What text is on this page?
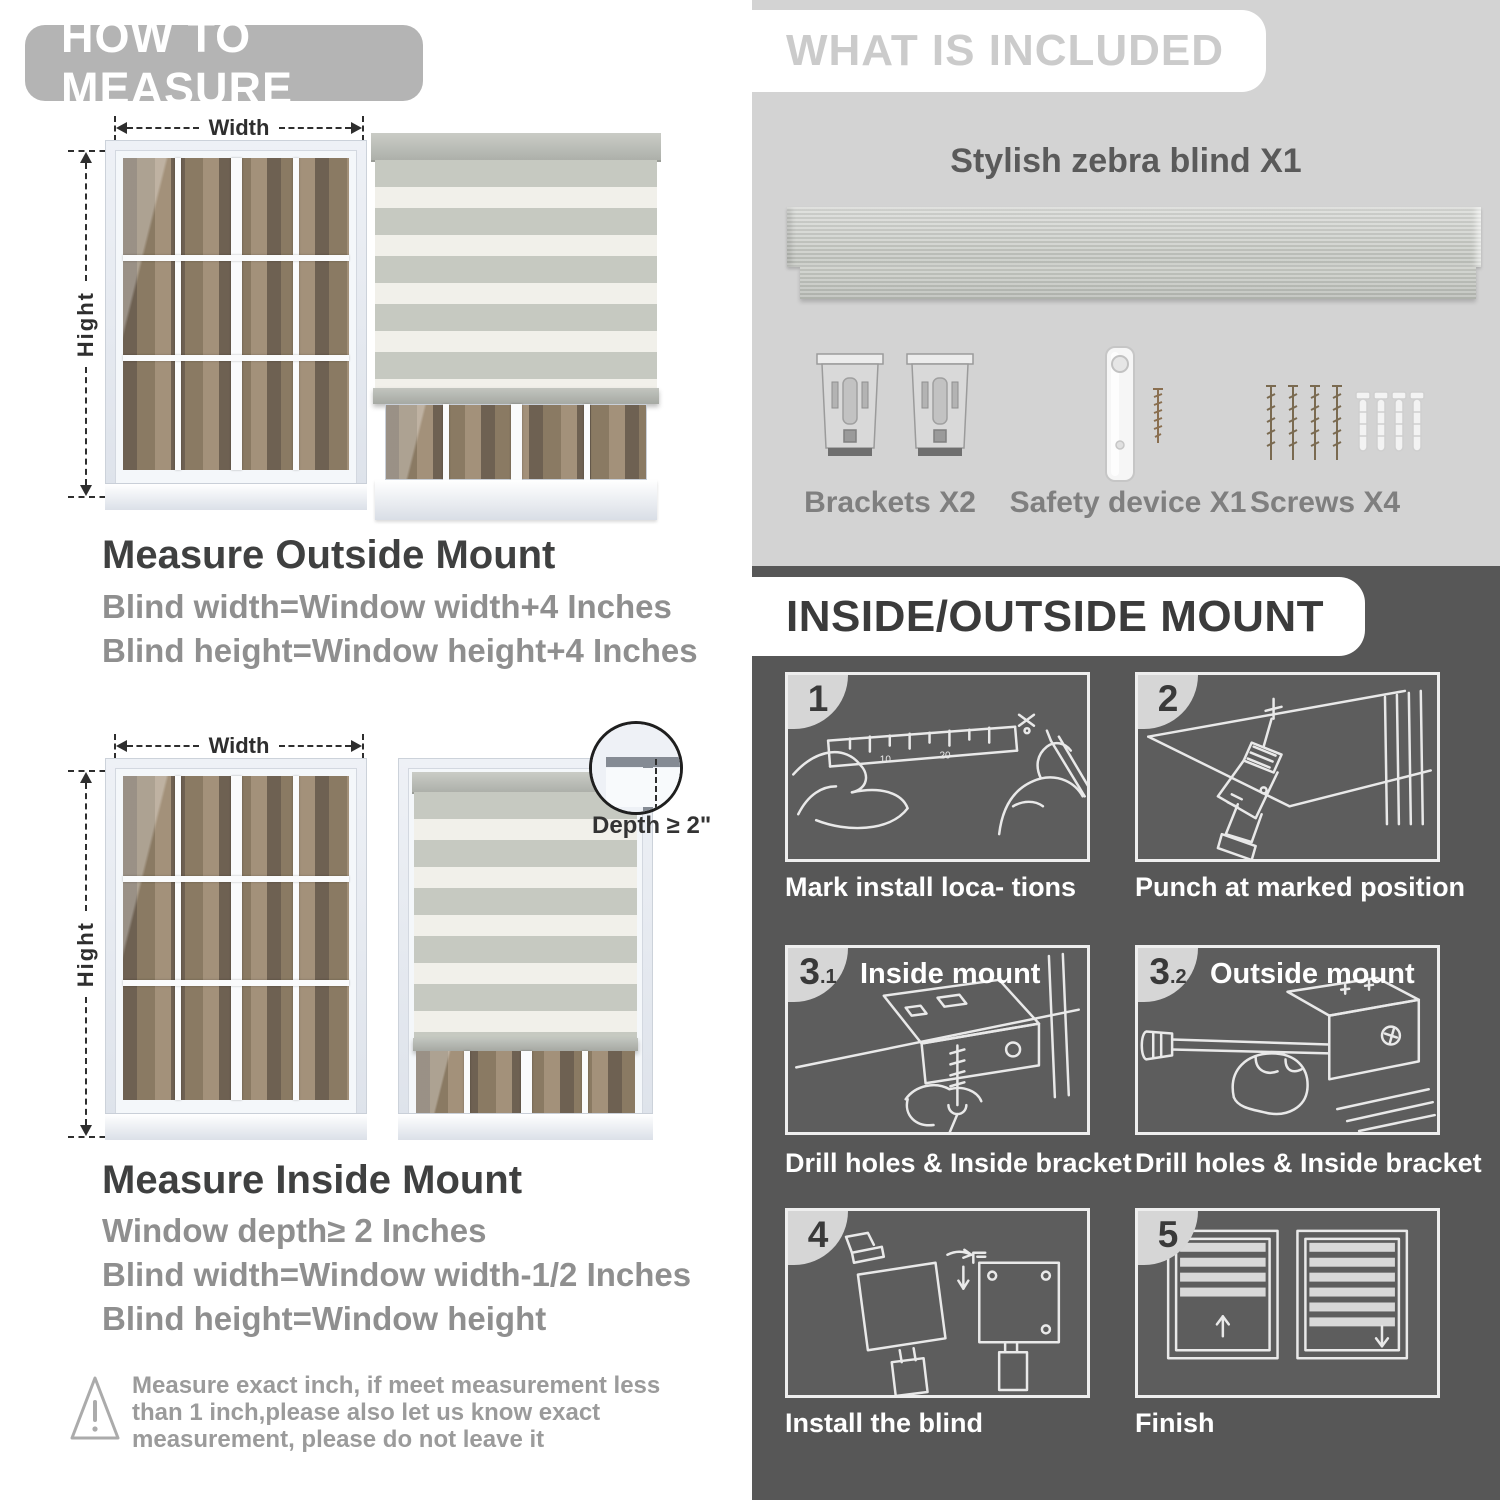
HOW TO MEASURE
Width
Hight
Measure Outside Mount
Blind width=Window width+4 Inches
Blind height=Window height+4 Inches
Width
Hight
Depth ≥ 2"
Measure Inside Mount
Window depth≥ 2 Inches
Blind width=Window width-1/2 Inches
Blind height=Window height
Measure exact inch, if meet measurement less
than 1 inch,please also let us know exact
measurement, please do not leave it
WHAT IS INCLUDED
Stylish zebra blind X1
Brackets X2	Safety device X1 Screws X4
INSIDE/OUTSIDE MOUNT
10	20
1
Mark install loca- tions
2
Punch at marked position
3 .1 Inside mount
Drill holes & Inside bracket
3 .2 Outside mount
Drill holes & Inside bracket
4
Install the blind
5
Finish
